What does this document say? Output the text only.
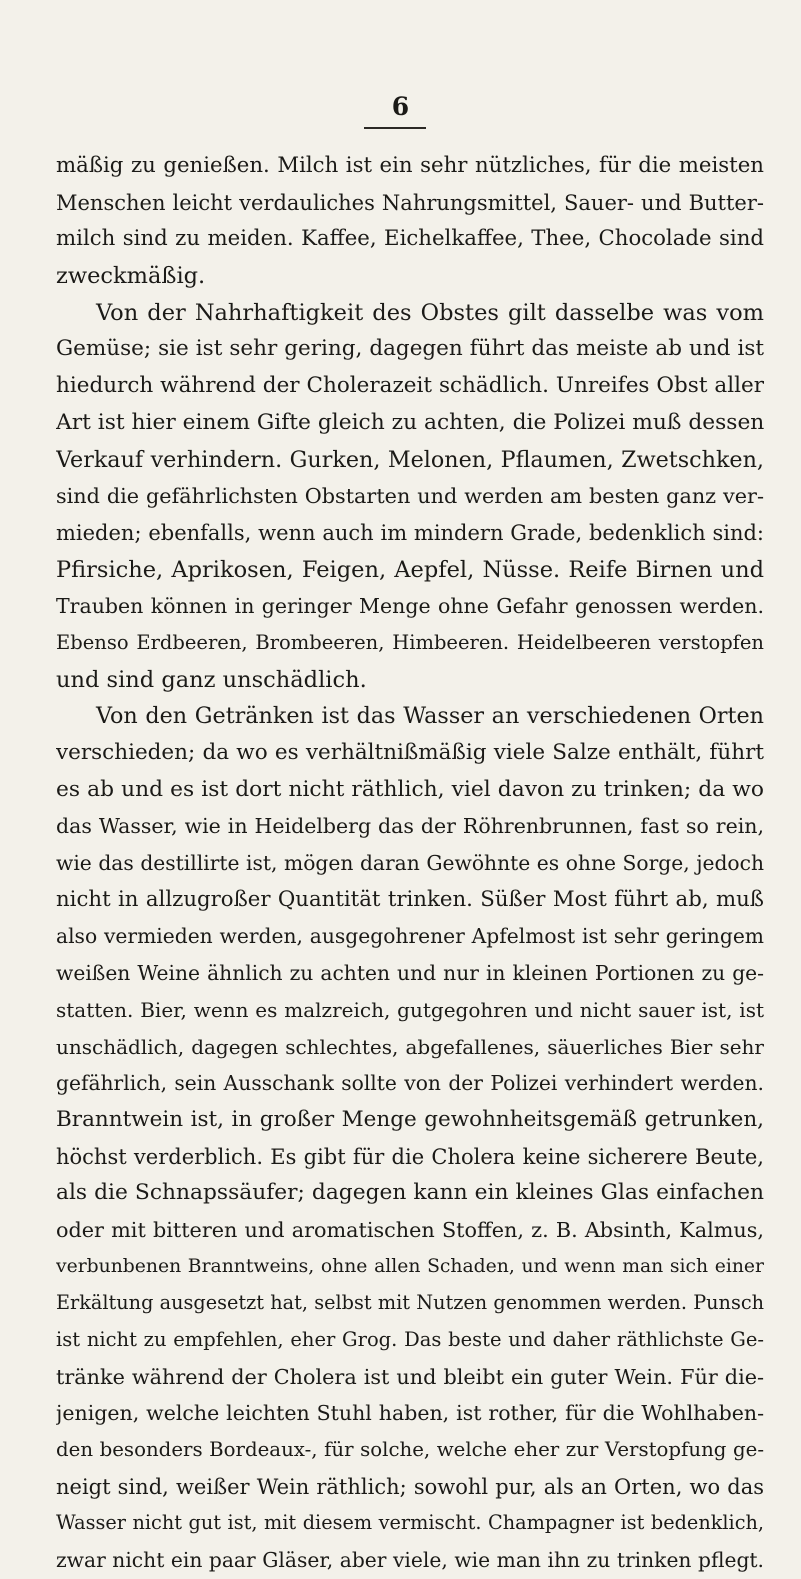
6
mäßig zu genießen. Milch ist ein sehr nützliches, für die meisten
Menschen leicht verdauliches Nahrungsmittel, Sauer- und Butter-
milch sind zu meiden. Kaffee, Eichelkaffee, Thee, Chocolade sind
zweckmäßig.
Von der Nahrhaftigkeit des Obstes gilt dasselbe was vom
Gemüse; sie ist sehr gering, dagegen führt das meiste ab und ist
hiedurch während der Cholerazeit schädlich. Unreifes Obst aller
Art ist hier einem Gifte gleich zu achten, die Polizei muß dessen
Verkauf verhindern. Gurken, Melonen, Pflaumen, Zwetschken,
sind die gefährlichsten Obstarten und werden am besten ganz ver-
mieden; ebenfalls, wenn auch im mindern Grade, bedenklich sind:
Pfirsiche, Aprikosen, Feigen, Aepfel, Nüsse. Reife Birnen und
Trauben können in geringer Menge ohne Gefahr genossen werden.
Ebenso Erdbeeren, Brombeeren, Himbeeren. Heidelbeeren verstopfen
und sind ganz unschädlich.
Von den Getränken ist das Wasser an verschiedenen Orten
verschieden; da wo es verhältnißmäßig viele Salze enthält, führt
es ab und es ist dort nicht räthlich, viel davon zu trinken; da wo
das Wasser, wie in Heidelberg das der Röhrenbrunnen, fast so rein,
wie das destillirte ist, mögen daran Gewöhnte es ohne Sorge, jedoch
nicht in allzugroßer Quantität trinken. Süßer Most führt ab, muß
also vermieden werden, ausgegohrener Apfelmost ist sehr geringem
weißen Weine ähnlich zu achten und nur in kleinen Portionen zu ge-
statten. Bier, wenn es malzreich, gutgegohren und nicht sauer ist, ist
unschädlich, dagegen schlechtes, abgefallenes, säuerliches Bier sehr
gefährlich, sein Ausschank sollte von der Polizei verhindert werden.
Branntwein ist, in großer Menge gewohnheitsgemäß getrunken,
höchst verderblich. Es gibt für die Cholera keine sicherere Beute,
als die Schnapssäufer; dagegen kann ein kleines Glas einfachen
oder mit bitteren und aromatischen Stoffen, z. B. Absinth, Kalmus,
verbunbenen Branntweins, ohne allen Schaden, und wenn man sich einer
Erkältung ausgesetzt hat, selbst mit Nutzen genommen werden. Punsch
ist nicht zu empfehlen, eher Grog. Das beste und daher räthlichste Ge-
tränke während der Cholera ist und bleibt ein guter Wein. Für die-
jenigen, welche leichten Stuhl haben, ist rother, für die Wohlhaben-
den besonders Bordeaux-, für solche, welche eher zur Verstopfung ge-
neigt sind, weißer Wein räthlich; sowohl pur, als an Orten, wo das
Wasser nicht gut ist, mit diesem vermischt. Champagner ist bedenklich,
zwar nicht ein paar Gläser, aber viele, wie man ihn zu trinken pflegt.
